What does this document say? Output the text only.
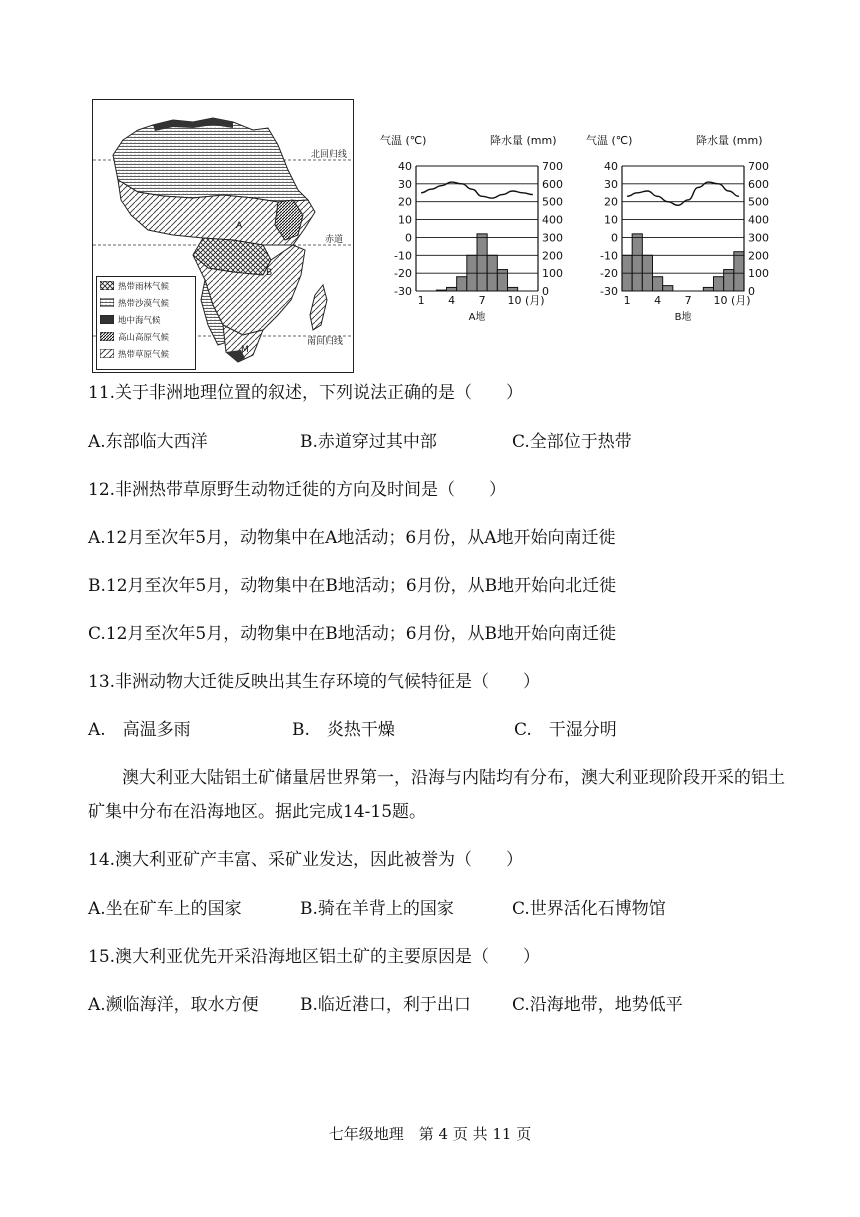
北回归线
赤道
南回归线
A
B
M
热带雨林气候
热带沙漠气候
地中海气候
高山高原气候
热带草原气候
气温 (℃)	降水量 (mm)
40	700
30	600
20	500
10	400
0	300
-10	200
-20	100
-30	0
1 4 7 10 (月)
A地
气温 (℃)	降水量 (mm)
40	700
30	600
20	500
10	400
0	300
-10	200
-20	100
-30	0
1 4 7 10 (月)
B地
11.关于非洲地理位置的叙述，下列说法正确的是（　　）
A.东部临大西洋	B.赤道穿过其中部	C.全部位于热带
12.非洲热带草原野生动物迁徙的方向及时间是（　　）
A.12月至次年5月，动物集中在A地活动；6月份，从A地开始向南迁徙
B.12月至次年5月，动物集中在B地活动；6月份，从B地开始向北迁徙
C.12月至次年5月，动物集中在B地活动；6月份，从B地开始向南迁徙
13.非洲动物大迁徙反映出其生存环境的气候特征是（　　）
A.　高温多雨	B.　炎热干燥	C.　干湿分明
澳大利亚大陆铝土矿储量居世界第一，沿海与内陆均有分布，澳大利亚现阶段开采的铝土矿集中分布在沿海地区。据此完成14-15题。
14.澳大利亚矿产丰富、采矿业发达，因此被誉为（　　）
A.坐在矿车上的国家	B.骑在羊背上的国家	C.世界活化石博物馆
15.澳大利亚优先开采沿海地区铝土矿的主要原因是（　　）
A.濒临海洋，取水方便 B.临近港口，利于出口 C.沿海地带，地势低平
七年级地理　第 4 页 共 11 页
